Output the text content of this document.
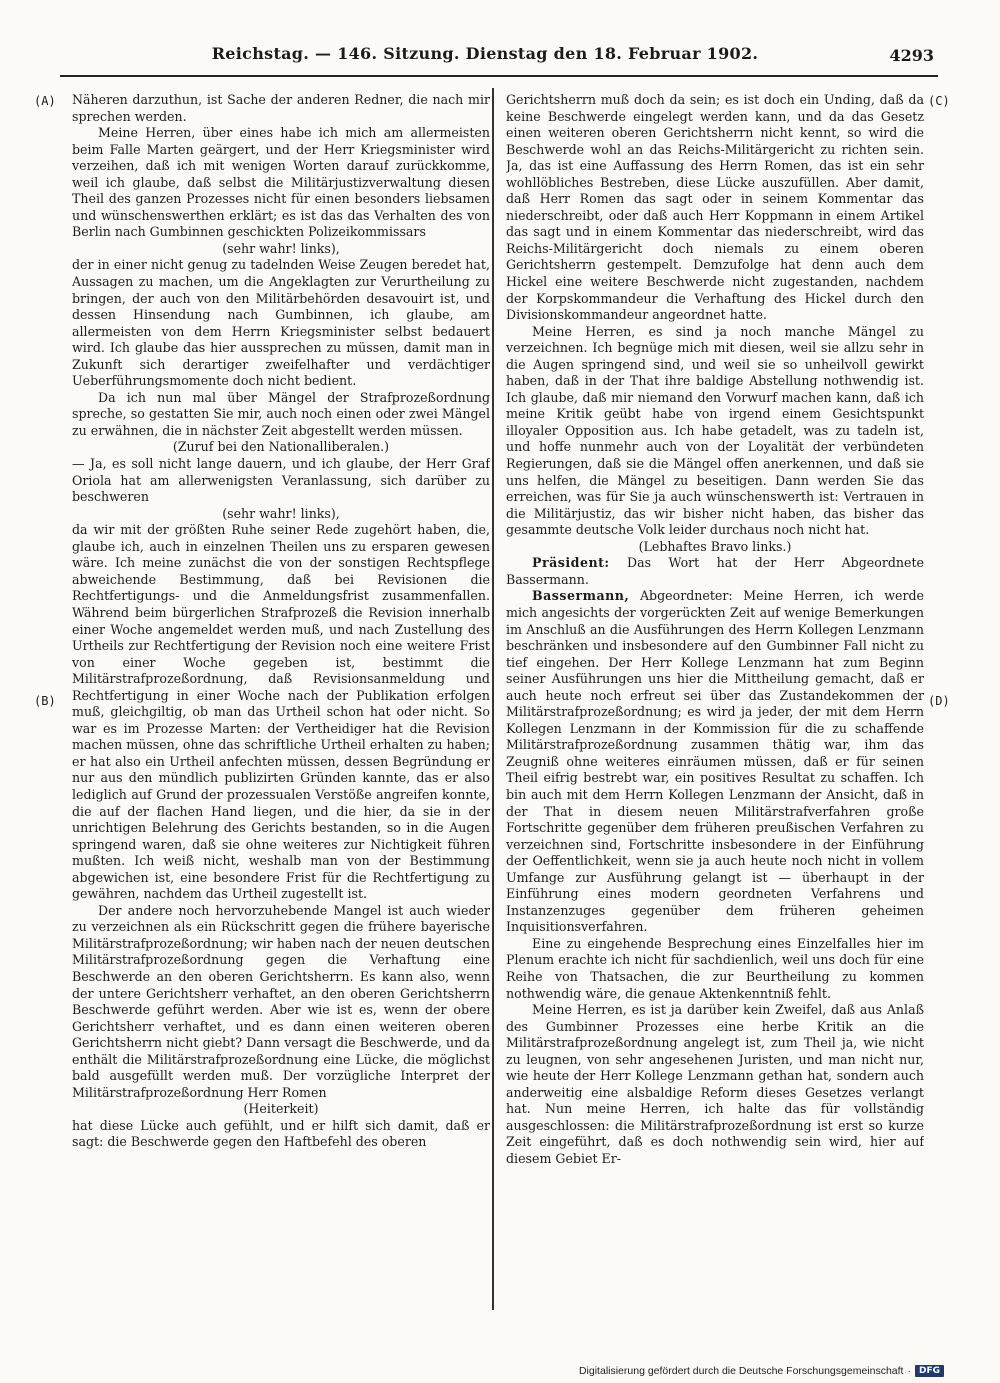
Reichstag. — 146. Sitzung. Dienstag den 18. Februar 1902.	4293
(A)
(B)
(C)
(D)

Näheren darzuthun, ist Sache der anderen Redner, die nach mir sprechen werden.

Meine Herren, über eines habe ich mich am allermeisten beim Falle Marten geärgert, und der Herr Kriegsminister wird verzeihen, daß ich mit wenigen Worten darauf zurückkomme, weil ich glaube, daß selbst die Militärjustizverwaltung diesen Theil des ganzen Prozesses nicht für einen besonders liebsamen und wünschenswerthen erklärt; es ist das das Verhalten des von Berlin nach Gumbinnen geschickten Polizeikommissars

(sehr wahr! links),

der in einer nicht genug zu tadelnden Weise Zeugen beredet hat, Aussagen zu machen, um die Angeklagten zur Verurtheilung zu bringen, der auch von den Militärbehörden desavouirt ist, und dessen Hinsendung nach Gumbinnen, ich glaube, am allermeisten von dem Herrn Kriegsminister selbst bedauert wird. Ich glaube das hier aussprechen zu müssen, damit man in Zukunft sich derartiger zweifelhafter und verdächtiger Ueberführungsmomente doch nicht bedient.

Da ich nun mal über Mängel der Strafprozeßordnung spreche, so gestatten Sie mir, auch noch einen oder zwei Mängel zu erwähnen, die in nächster Zeit abgestellt werden müssen.

(Zuruf bei den Nationalliberalen.)

— Ja, es soll nicht lange dauern, und ich glaube, der Herr Graf Oriola hat am allerwenigsten Veranlassung, sich darüber zu beschweren

(sehr wahr! links),

da wir mit der größten Ruhe seiner Rede zugehört haben, die, glaube ich, auch in einzelnen Theilen uns zu ersparen gewesen wäre. Ich meine zunächst die von der sonstigen Rechtspflege abweichende Bestimmung, daß bei Revisionen die Rechtfertigungs- und die Anmeldungsfrist zusammenfallen. Während beim bürgerlichen Strafprozeß die Revision innerhalb einer Woche angemeldet werden muß, und nach Zustellung des Urtheils zur Rechtfertigung der Revision noch eine weitere Frist von einer Woche gegeben ist, bestimmt die Militärstrafprozeßordnung, daß Revisionsanmeldung und Rechtfertigung in einer Woche nach der Publikation erfolgen muß, gleichgiltig, ob man das Urtheil schon hat oder nicht. So war es im Prozesse Marten: der Vertheidiger hat die Revision machen müssen, ohne das schriftliche Urtheil erhalten zu haben; er hat also ein Urtheil anfechten müssen, dessen Begründung er nur aus den mündlich publizirten Gründen kannte, das er also lediglich auf Grund der prozessualen Verstöße angreifen konnte, die auf der flachen Hand liegen, und die hier, da sie in der unrichtigen Belehrung des Gerichts bestanden, so in die Augen springend waren, daß sie ohne weiteres zur Nichtigkeit führen mußten. Ich weiß nicht, weshalb man von der Bestimmung abgewichen ist, eine besondere Frist für die Rechtfertigung zu gewähren, nachdem das Urtheil zugestellt ist.

Der andere noch hervorzuhebende Mangel ist auch wieder zu verzeichnen als ein Rückschritt gegen die frühere bayerische Militärstrafprozeßordnung; wir haben nach der neuen deutschen Militärstrafprozeßordnung gegen die Verhaftung eine Beschwerde an den oberen Gerichtsherrn. Es kann also, wenn der untere Gerichtsherr verhaftet, an den oberen Gerichtsherrn Beschwerde geführt werden. Aber wie ist es, wenn der obere Gerichtsherr verhaftet, und es dann einen weiteren oberen Gerichtsherrn nicht giebt? Dann versagt die Beschwerde, und da enthält die Militärstrafprozeßordnung eine Lücke, die möglichst bald ausgefüllt werden muß. Der vorzügliche Interpret der Militärstrafprozeßordnung Herr Romen

(Heiterkeit)

hat diese Lücke auch gefühlt, und er hilft sich damit, daß er sagt: die Beschwerde gegen den Haftbefehl des oberen

Gerichtsherrn muß doch da sein; es ist doch ein Unding, daß da keine Beschwerde eingelegt werden kann, und da das Gesetz einen weiteren oberen Gerichtsherrn nicht kennt, so wird die Beschwerde wohl an das Reichs-Militärgericht zu richten sein. Ja, das ist eine Auffassung des Herrn Romen, das ist ein sehr wohllöbliches Bestreben, diese Lücke auszufüllen. Aber damit, daß Herr Romen das sagt oder in seinem Kommentar das niederschreibt, oder daß auch Herr Koppmann in einem Artikel das sagt und in einem Kommentar das niederschreibt, wird das Reichs-Militärgericht doch niemals zu einem oberen Gerichtsherrn gestempelt. Demzufolge hat denn auch dem Hickel eine weitere Beschwerde nicht zugestanden, nachdem der Korpskommandeur die Verhaftung des Hickel durch den Divisionskommandeur angeordnet hatte.

Meine Herren, es sind ja noch manche Mängel zu verzeichnen. Ich begnüge mich mit diesen, weil sie allzu sehr in die Augen springend sind, und weil sie so unheilvoll gewirkt haben, daß in der That ihre baldige Abstellung nothwendig ist. Ich glaube, daß mir niemand den Vorwurf machen kann, daß ich meine Kritik geübt habe von irgend einem Gesichtspunkt illoyaler Opposition aus. Ich habe getadelt, was zu tadeln ist, und hoffe nunmehr auch von der Loyalität der verbündeten Regierungen, daß sie die Mängel offen anerkennen, und daß sie uns helfen, die Mängel zu beseitigen. Dann werden Sie das erreichen, was für Sie ja auch wünschenswerth ist: Vertrauen in die Militärjustiz, das wir bisher nicht haben, das bisher das gesammte deutsche Volk leider durchaus noch nicht hat.

(Lebhaftes Bravo links.)

Präsident: Das Wort hat der Herr Abgeordnete Bassermann.

Bassermann, Abgeordneter: Meine Herren, ich werde mich angesichts der vorgerückten Zeit auf wenige Bemerkungen im Anschluß an die Ausführungen des Herrn Kollegen Lenzmann beschränken und insbesondere auf den Gumbinner Fall nicht zu tief eingehen. Der Herr Kollege Lenzmann hat zum Beginn seiner Ausführungen uns hier die Mittheilung gemacht, daß er auch heute noch erfreut sei über das Zustandekommen der Militärstrafprozeßordnung; es wird ja jeder, der mit dem Herrn Kollegen Lenzmann in der Kommission für die zu schaffende Militärstrafprozeßordnung zusammen thätig war, ihm das Zeugniß ohne weiteres einräumen müssen, daß er für seinen Theil eifrig bestrebt war, ein positives Resultat zu schaffen. Ich bin auch mit dem Herrn Kollegen Lenzmann der Ansicht, daß in der That in diesem neuen Militärstrafverfahren große Fortschritte gegenüber dem früheren preußischen Verfahren zu verzeichnen sind, Fortschritte insbesondere in der Einführung der Oeffentlichkeit, wenn sie ja auch heute noch nicht in vollem Umfange zur Ausführung gelangt ist — überhaupt in der Einführung eines modern geordneten Verfahrens und Instanzenzuges gegenüber dem früheren geheimen Inquisitionsverfahren.

Eine zu eingehende Besprechung eines Einzelfalles hier im Plenum erachte ich nicht für sachdienlich, weil uns doch für eine Reihe von Thatsachen, die zur Beurtheilung zu kommen nothwendig wäre, die genaue Aktenkenntniß fehlt.

Meine Herren, es ist ja darüber kein Zweifel, daß aus Anlaß des Gumbinner Prozesses eine herbe Kritik an die Militärstrafprozeßordnung angelegt ist, zum Theil ja, wie nicht zu leugnen, von sehr angesehenen Juristen, und man nicht nur, wie heute der Herr Kollege Lenzmann gethan hat, sondern auch anderweitig eine alsbaldige Reform dieses Gesetzes verlangt hat. Nun meine Herren, ich halte das für vollständig ausgeschlossen: die Militärstrafprozeßordnung ist erst so kurze Zeit eingeführt, daß es doch nothwendig sein wird, hier auf diesem Gebiet Er-

Digitalisierung gefördert durch die Deutsche Forschungsgemeinschaft · DFG
